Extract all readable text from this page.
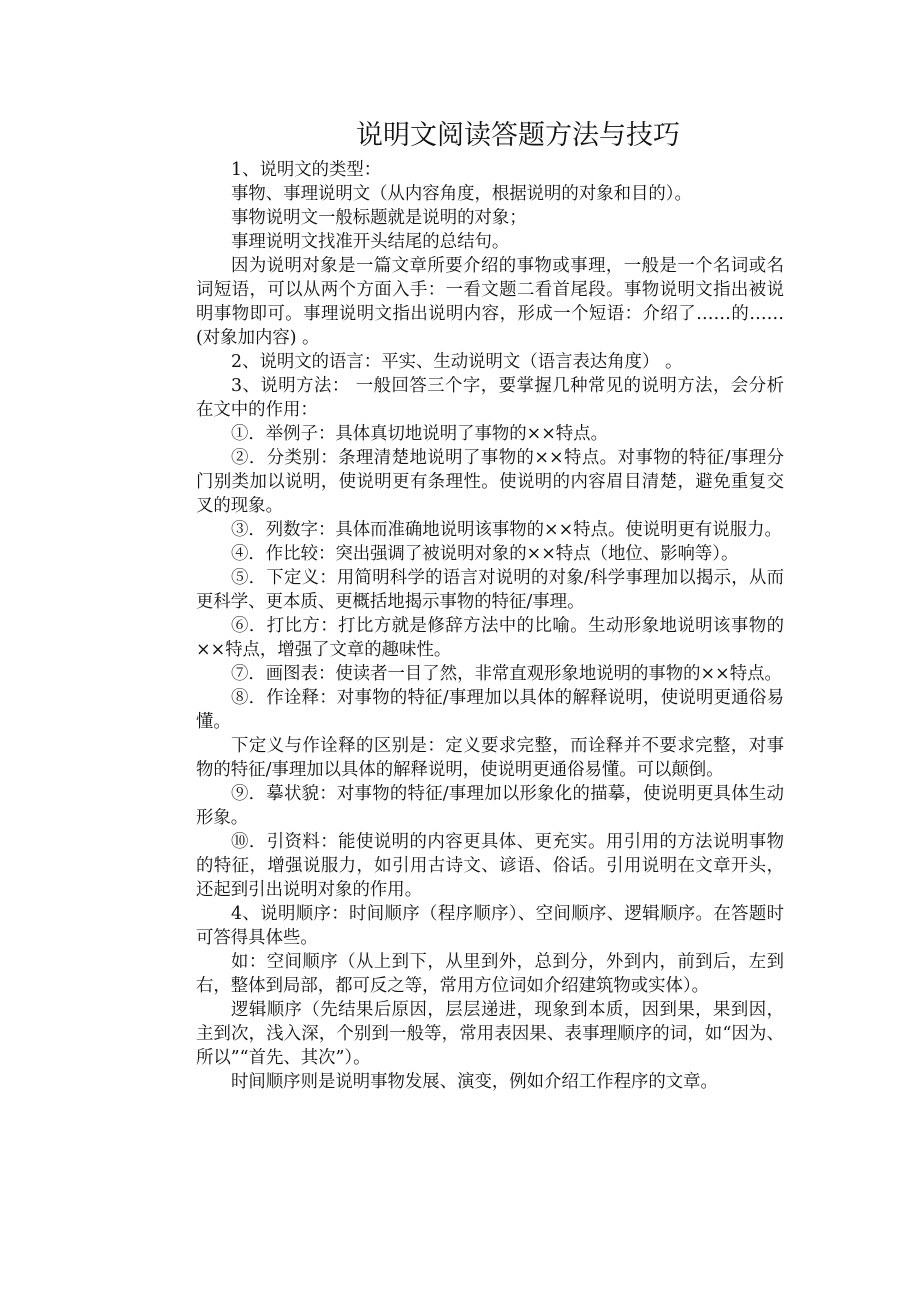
说明文阅读答题方法与技巧

1、说明文的类型：

事物、事理说明文（从内容角度，根据说明的对象和目的）。

事物说明文一般标题就是说明的对象；

事理说明文找准开头结尾的总结句。

因为说明对象是一篇文章所要介绍的事物或事理，一般是一个名词或名词短语，可以从两个方面入手：一看文题二看首尾段。事物说明文指出被说明事物即可。事理说明文指出说明内容，形成一个短语：介绍了……的……(对象加内容) 。

2、说明文的语言：平实、生动说明文（语言表达角度） 。

3、说明方法： 一般回答三个字，要掌握几种常见的说明方法，会分析在文中的作用：

①．举例子：具体真切地说明了事物的××特点。

②．分类别：条理清楚地说明了事物的××特点。对事物的特征/事理分门别类加以说明，使说明更有条理性。使说明的内容眉目清楚，避免重复交叉的现象。

③．列数字：具体而准确地说明该事物的××特点。使说明更有说服力。

④．作比较：突出强调了被说明对象的××特点（地位、影响等）。

⑤．下定义：用简明科学的语言对说明的对象/科学事理加以揭示，从而更科学、更本质、更概括地揭示事物的特征/事理。

⑥．打比方：打比方就是修辞方法中的比喻。生动形象地说明该事物的××特点，增强了文章的趣味性。

⑦．画图表：使读者一目了然，非常直观形象地说明的事物的××特点。

⑧．作诠释：对事物的特征/事理加以具体的解释说明，使说明更通俗易懂。

下定义与作诠释的区别是：定义要求完整，而诠释并不要求完整，对事物的特征/事理加以具体的解释说明，使说明更通俗易懂。可以颠倒。

⑨．摹状貌：对事物的特征/事理加以形象化的描摹，使说明更具体生动形象。

⑩．引资料：能使说明的内容更具体、更充实。用引用的方法说明事物的特征，增强说服力，如引用古诗文、谚语、俗话。引用说明在文章开头，还起到引出说明对象的作用。

4、说明顺序：时间顺序（程序顺序）、空间顺序、逻辑顺序。在答题时可答得具体些。

如：空间顺序（从上到下，从里到外，总到分，外到内，前到后，左到右，整体到局部，都可反之等，常用方位词如介绍建筑物或实体）。

逻辑顺序（先结果后原因，层层递进，现象到本质，因到果，果到因，主到次，浅入深，个别到一般等，常用表因果、表事理顺序的词，如“因为、所以”“首先、其次”）。

时间顺序则是说明事物发展、演变，例如介绍工作程序的文章。
